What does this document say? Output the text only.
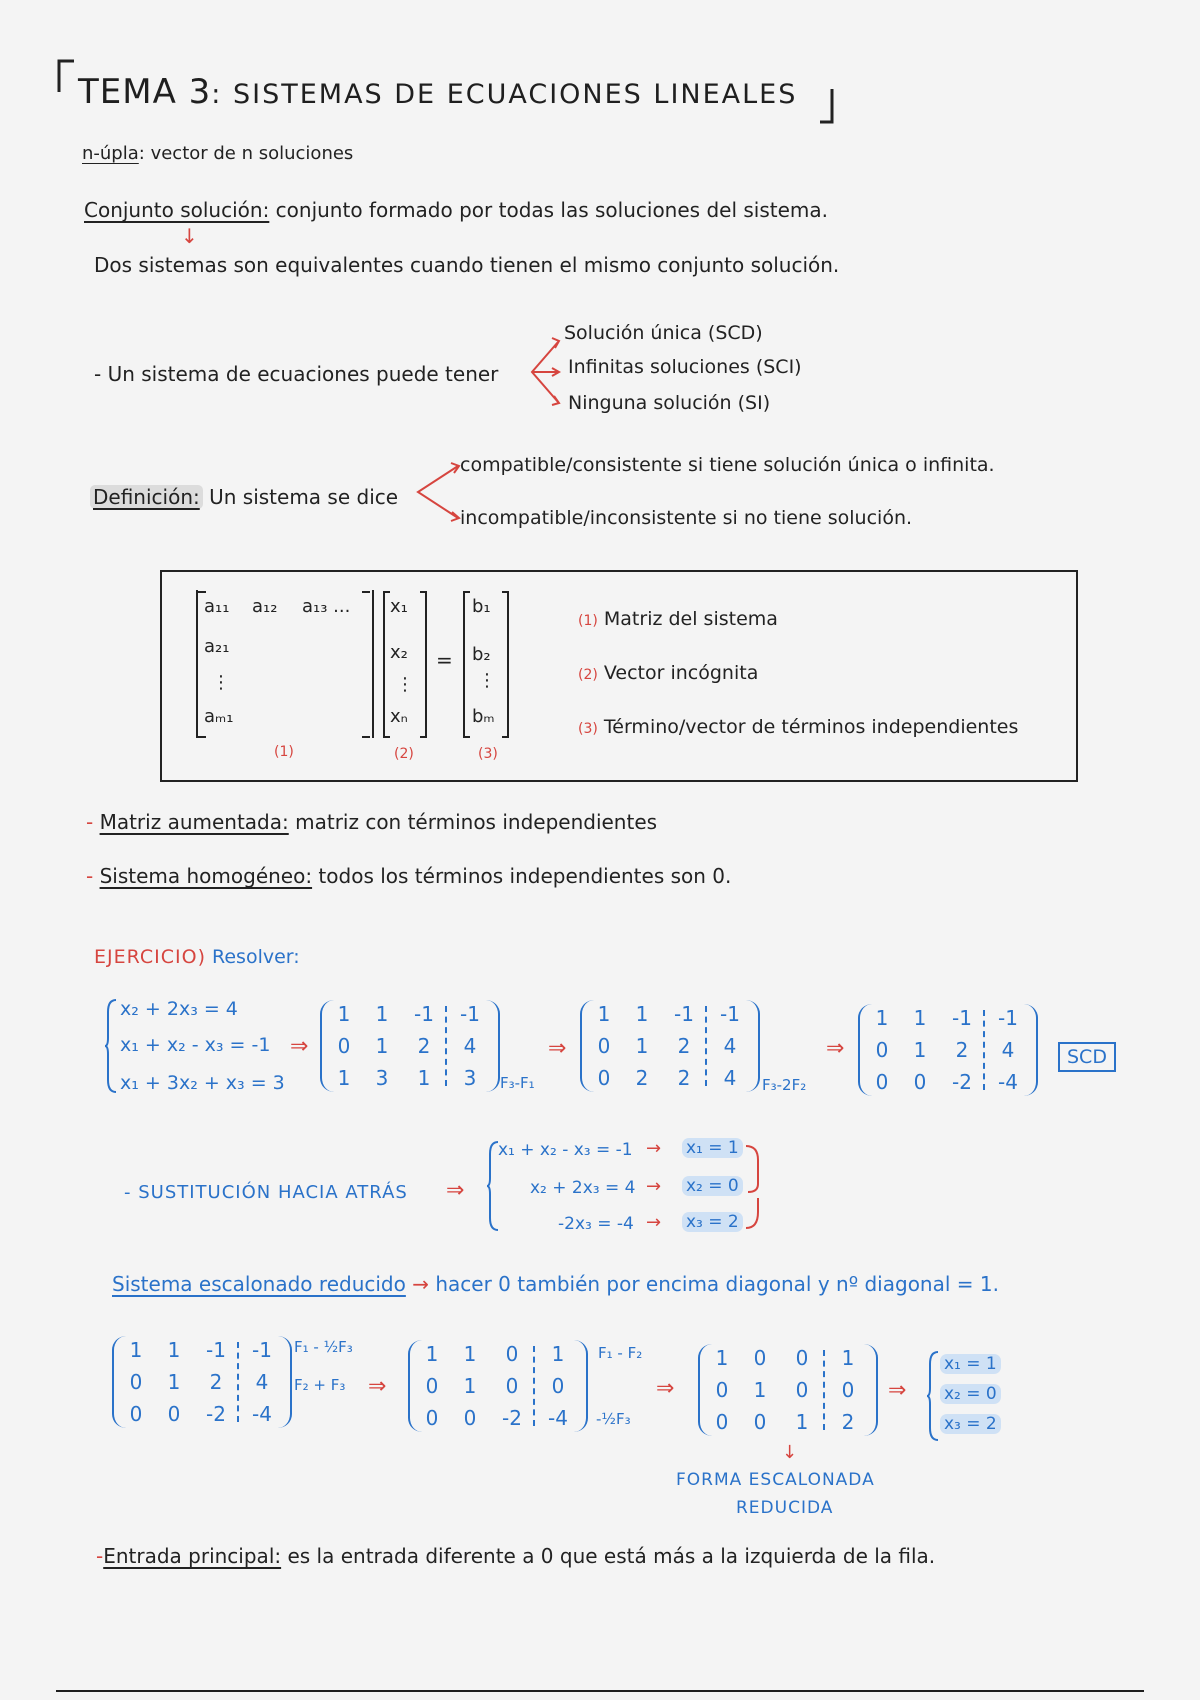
TEMA 3: SISTEMAS DE ECUACIONES LINEALES
n-úpla: vector de n soluciones
Conjunto solución: conjunto formado por todas las soluciones del sistema.
↓
Dos sistemas son equivalentes cuando tienen el mismo conjunto solución.
- Un sistema de ecuaciones puede tener
Solución única (SCD)
Infinitas soluciones (SCI)
Ninguna solución (SI)
Definición: Un sistema se dice
compatible/consistente si tiene solución única o infinita.
incompatible/inconsistente si no tiene solución.
a₁₁ a₁₂ a₁₃ ...
a₂₁
⋮
aₘ₁
x₁
x₂
⋮
xₙ
=
b₁
b₂
⋮
bₘ
(1)	(2)	(3)
(1) Matriz del sistema
(2) Vector incógnita
(3) Término/vector de términos independientes
- Matriz aumentada: matriz con términos independientes
- Sistema homogéneo: todos los términos independientes son 0.
EJERCICIO) Resolver:
x₂ + 2x₃ = 4
x₁ + x₂ - x₃ = -1
x₁ + 3x₂ + x₃ = 3
⇒
1	1	-1	-1
0	1	2	4
1	3	1	3	F₃-F₁
⇒
1	1	-1	-1
0	1	2	4
0	2	2	4	F₃-2F₂
⇒
1	1	-1	-1
0	1	2	4
0	0	-2	-4
SCD
- SUSTITUCIÓN HACIA ATRÁS ⇒
x₁ + x₂ - x₃ = -1
x₂ + 2x₃ = 4
-2x₃ = -4
→
→
→
x₁ = 1
x₂ = 0
x₃ = 2
Sistema escalonado reducido → hacer 0 también por encima diagonal y nº diagonal = 1.
1	1	-1	-1
0	1	2	4
0	0	-2	-4
F₁ - ½F₃
F₂ + F₃ ⇒
1	1	0	1
0	1	0	0
0	0	-2	-4
F₁ - F₂
-½F₃
⇒
1	0	0	1
0	1	0	0
0	0	1	2
⇒
x₁ = 1
x₂ = 0
x₃ = 2
↓
FORMA ESCALONADA
REDUCIDA
-Entrada principal: es la entrada diferente a 0 que está más a la izquierda de la fila.
